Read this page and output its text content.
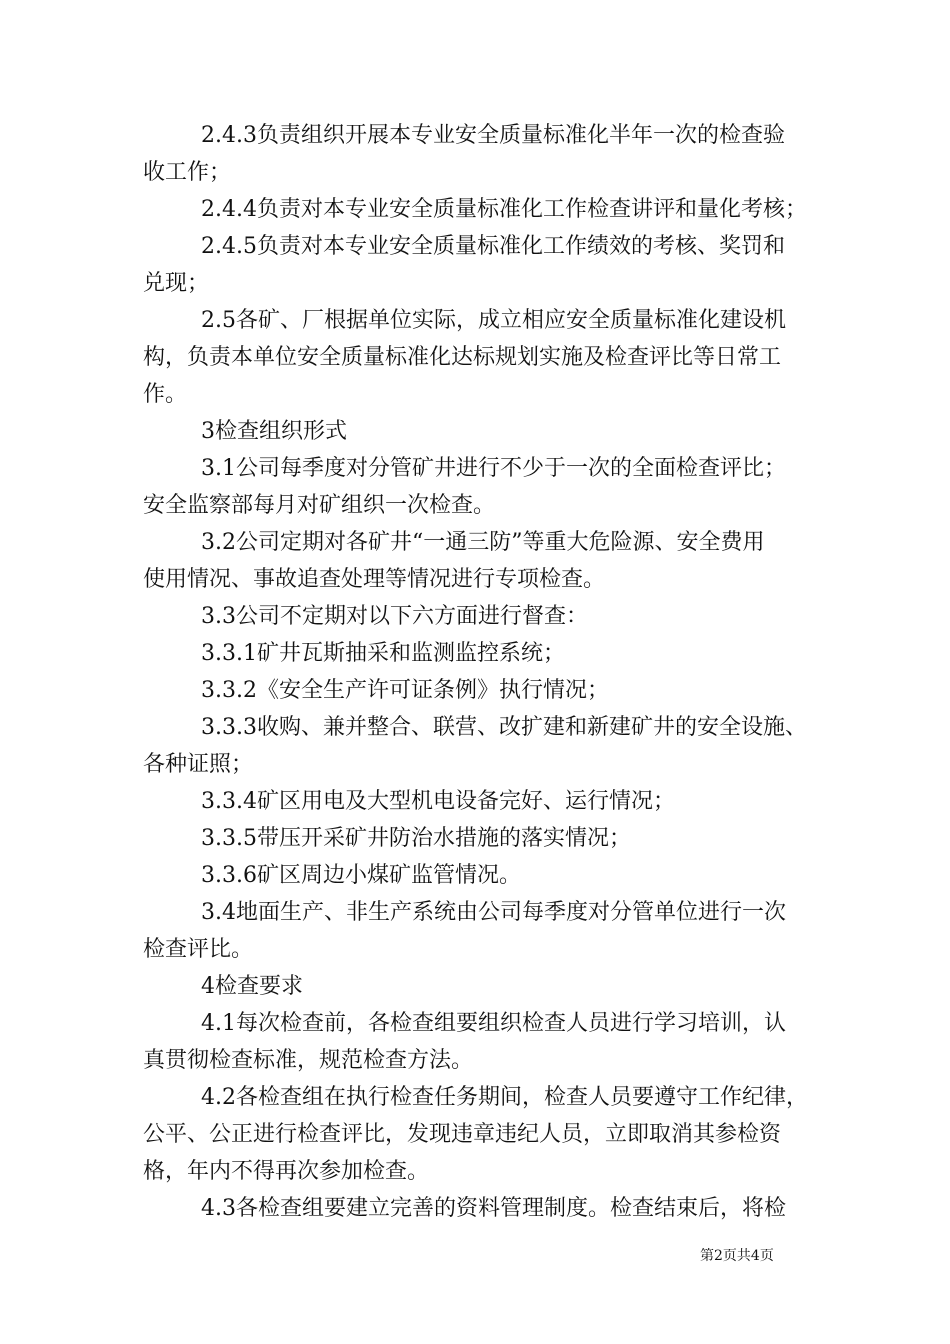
2.4.3负责组织开展本专业安全质量标准化半年一次的检查验
收工作；
2.4.4负责对本专业安全质量标准化工作检查讲评和量化考核；
2.4.5负责对本专业安全质量标准化工作绩效的考核、奖罚和
兑现；
2.5各矿、厂根据单位实际，成立相应安全质量标准化建设机
构，负责本单位安全质量标准化达标规划实施及检查评比等日常工
作。
3检查组织形式
3.1公司每季度对分管矿井进行不少于一次的全面检查评比；
安全监察部每月对矿组织一次检查。
3.2公司定期对各矿井“一通三防”等重大危险源、安全费用
使用情况、事故追查处理等情况进行专项检查。
3.3公司不定期对以下六方面进行督查：
3.3.1矿井瓦斯抽采和监测监控系统；
3.3.2《安全生产许可证条例》执行情况；
3.3.3收购、兼并整合、联营、改扩建和新建矿井的安全设施、
各种证照；
3.3.4矿区用电及大型机电设备完好、运行情况；
3.3.5带压开采矿井防治水措施的落实情况；
3.3.6矿区周边小煤矿监管情况。
3.4地面生产、非生产系统由公司每季度对分管单位进行一次
检查评比。
4检查要求
4.1每次检查前，各检查组要组织检查人员进行学习培训，认
真贯彻检查标准，规范检查方法。
4.2各检查组在执行检查任务期间，检查人员要遵守工作纪律，
公平、公正进行检查评比，发现违章违纪人员，立即取消其参检资
格，年内不得再次参加检查。
4.3各检查组要建立完善的资料管理制度。检查结束后，将检
第2页共4页
